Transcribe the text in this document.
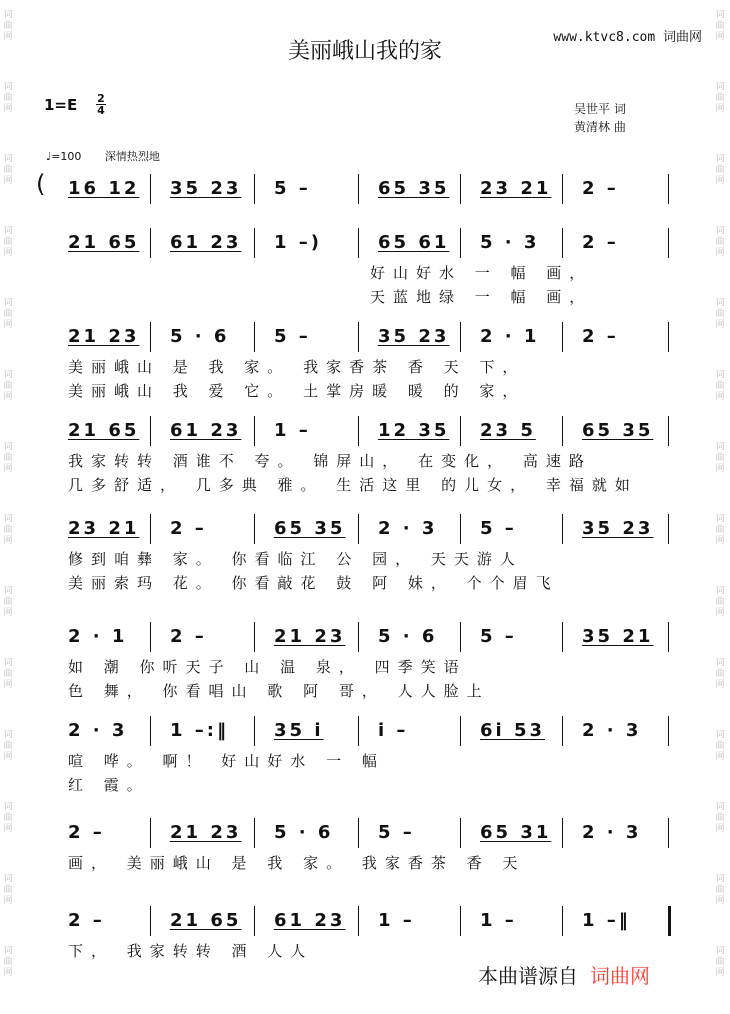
词曲网
词曲网
词曲网
词曲网
词曲网
词曲网
词曲网
词曲网
词曲网
词曲网
词曲网
词曲网
词曲网
词曲网
词曲网
词曲网
词曲网
词曲网
词曲网
词曲网
词曲网
词曲网
词曲网
词曲网
词曲网
词曲网
词曲网
词曲网
美丽峨山我的家
www.ktvc8.com 词曲网
1=E 2
4	吴世平 词
黄清林 曲
♩=100 深情热烈地
( 16 12 35 23 5 –	65 35 23 21 2 –
21 65 61 23 1 –)	65 61 5 · 3 2 –
好山好水 一 幅 画，
天蓝地绿 一 幅 画，
21 23 5 · 6 5 –	35 23 2 · 1 2 –
美丽峨山 是 我 家。 我家香茶 香 天 下，
美丽峨山 我 爱 它。 土掌房暖 暖 的 家，
21 65 61 23 1 –	12 35 23 5	65 35
我家转转 酒谁不 夸。 锦屏山， 在变化， 高速路
几多舒适， 几多典 雅。 生活这里 的儿女， 幸福就如
23 21 2 –	65 35 2 · 3 5 –	35 23
修到咱彝 家。 你看临江 公 园， 天天游人
美丽索玛 花。 你看敲花 鼓 阿 妹， 个个眉飞
2 · 1 2 –	21 23 5 · 6 5 –	35 21
如 潮 你听天子 山 温 泉， 四季笑语
色 舞， 你看唱山 歌 阿 哥， 人人脸上
2 · 3 1 –:‖	35 i	i –	6i 53 2 · 3
喧 哗。 啊！ 好山好水 一 幅
红 霞。
2 –	21 23 5 · 6 5 –	65 31 2 · 3
画， 美丽峨山 是 我 家。 我家香茶 香 天
2 –	21 65 61 23 1 –	1 –	1 –‖
下， 我家转转 酒 人人
本曲谱源自 词曲网
